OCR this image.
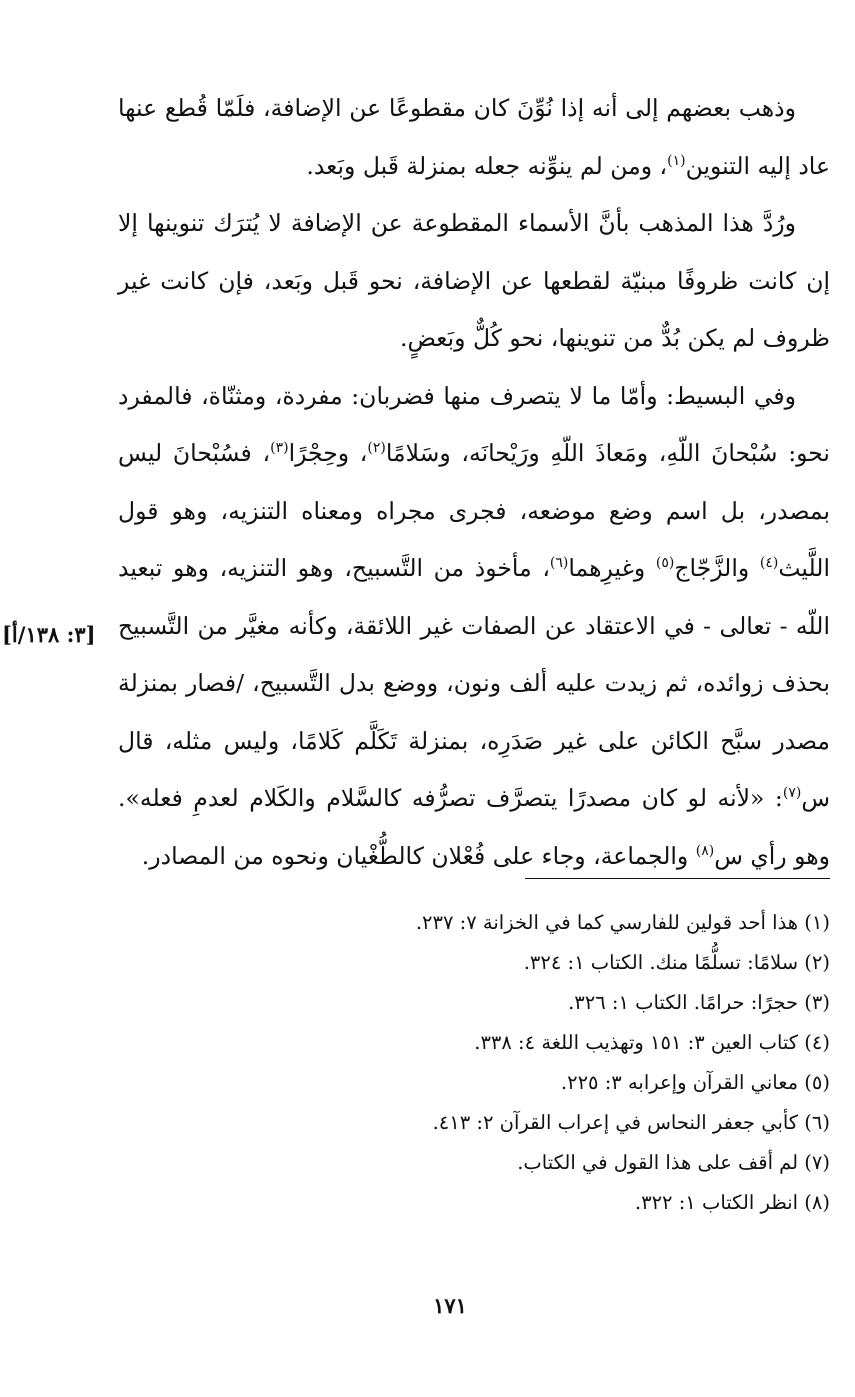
وذهب بعضهم إلى أنه إذا نُوِّنَ كان مقطوعًا عن الإضافة، فلَمّا قُطع عنها عاد إليه التنوين$^{(١)}$، ومن لم ينوِّنه جعله بمنزلة قَبل وبَعد.

ورُدَّ هذا المذهب بأنَّ الأسماء المقطوعة عن الإضافة لا يُترَك تنوينها إلا إن كانت ظروفًا مبنيّة لقطعها عن الإضافة، نحو قَبل وبَعد، فإن كانت غير ظروف لم يكن بُدٌّ من تنوينها، نحو كُلٌّ وبَعضٍ.

وفي البسيط: وأمّا ما لا يتصرف منها فضربان: مفردة، ومثنّاة، فالمفرد نحو: سُبْحانَ اللّهِ، ومَعاذَ اللّهِ ورَيْحانَه، وسَلامًا$^{(٢)}$، وحِجْرًا$^{(٣)}$، فسُبْحانَ ليس بمصدر، بل اسم وضع موضعه، فجرى مجراه ومعناه التنزيه، وهو قول اللَّيث$^{(٤)}$ والزَّجّاج$^{(٥)}$ وغيرِهما$^{(٦)}$، مأخوذ من التَّسبيح، وهو التنزيه، وهو تبعيد اللّه - تعالى - في الاعتقاد عن الصفات غير اللائقة، وكأنه مغيَّر من التَّسبيح بحذف زوائده، ثم زيدت عليه ألف ونون، ووضع بدل التَّسبيح، /فصار بمنزلة مصدر سبَّح الكائن على غير صَدَرِه، بمنزلة تَكَلَّم كَلامًا، وليس مثله، قال س$^{(٧)}$: «لأنه لو كان مصدرًا يتصرَّف تصرُّفه كالسَّلام والكَلام لعدمِ فعله». وهو رأي س$^{(٨)}$ والجماعة، وجاء على فُعْلان كالطُّغْيان ونحوه من المصادر.

[٣: ١٣٨/أ]
(١) هذا أحد قولين للفارسي كما في الخزانة ٧: ٢٣٧.
(٢) سلامًا: تسلُّمًا منك. الكتاب ١: ٣٢٤.
(٣) حجرًا: حرامًا. الكتاب ١: ٣٢٦.
(٤) كتاب العين ٣: ١٥١ وتهذيب اللغة ٤: ٣٣٨.
(٥) معاني القرآن وإعرابه ٣: ٢٢٥.
(٦) كأبي جعفر النحاس في إعراب القرآن ٢: ٤١٣.
(٧) لم أقف على هذا القول في الكتاب.
(٨) انظر الكتاب ١: ٣٢٢.
١٧١
